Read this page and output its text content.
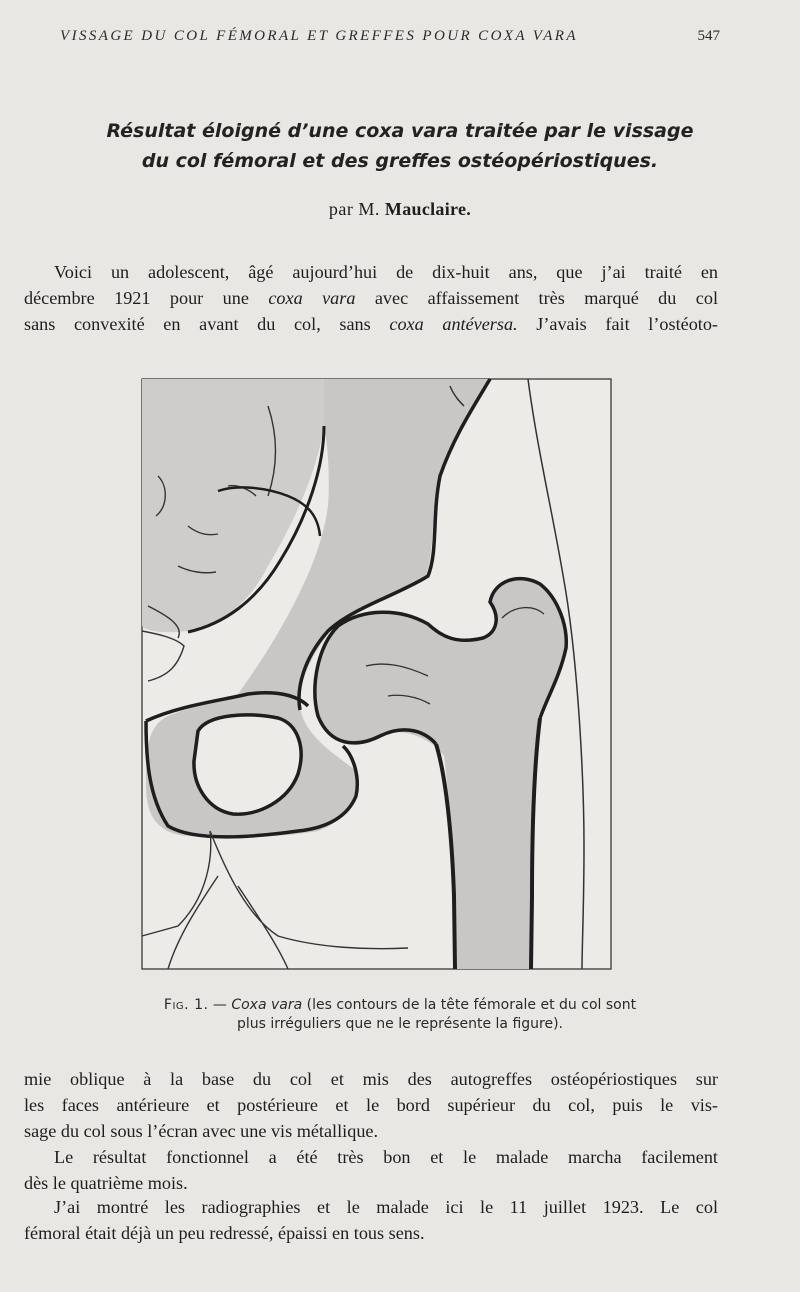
VISSAGE DU COL FÉMORAL ET GREFFES POUR COXA VARA	547
Résultat éloigné d’une coxa vara traitée par le vissage
du col fémoral et des greffes ostéopériostiques.
par M. Mauclaire.
Voici un adolescent, âgé aujourd’hui de dix-huit ans, que j’ai traité en
décembre 1921 pour une coxa vara avec affaissement très marqué du col
sans convexité en avant du col, sans coxa antéversa. J’avais fait l’ostéoto-
Fig. 1. — Coxa vara (les contours de la tête fémorale et du col sont
plus irréguliers que ne le représente la figure).
mie oblique à la base du col et mis des autogreffes ostéopériostiques sur
les faces antérieure et postérieure et le bord supérieur du col, puis le vis-
sage du col sous l’écran avec une vis métallique.
Le résultat fonctionnel a été très bon et le malade marcha facilement
dès le quatrième mois.
J’ai montré les radiographies et le malade ici le 11 juillet 1923. Le col
fémoral était déjà un peu redressé, épaissi en tous sens.
